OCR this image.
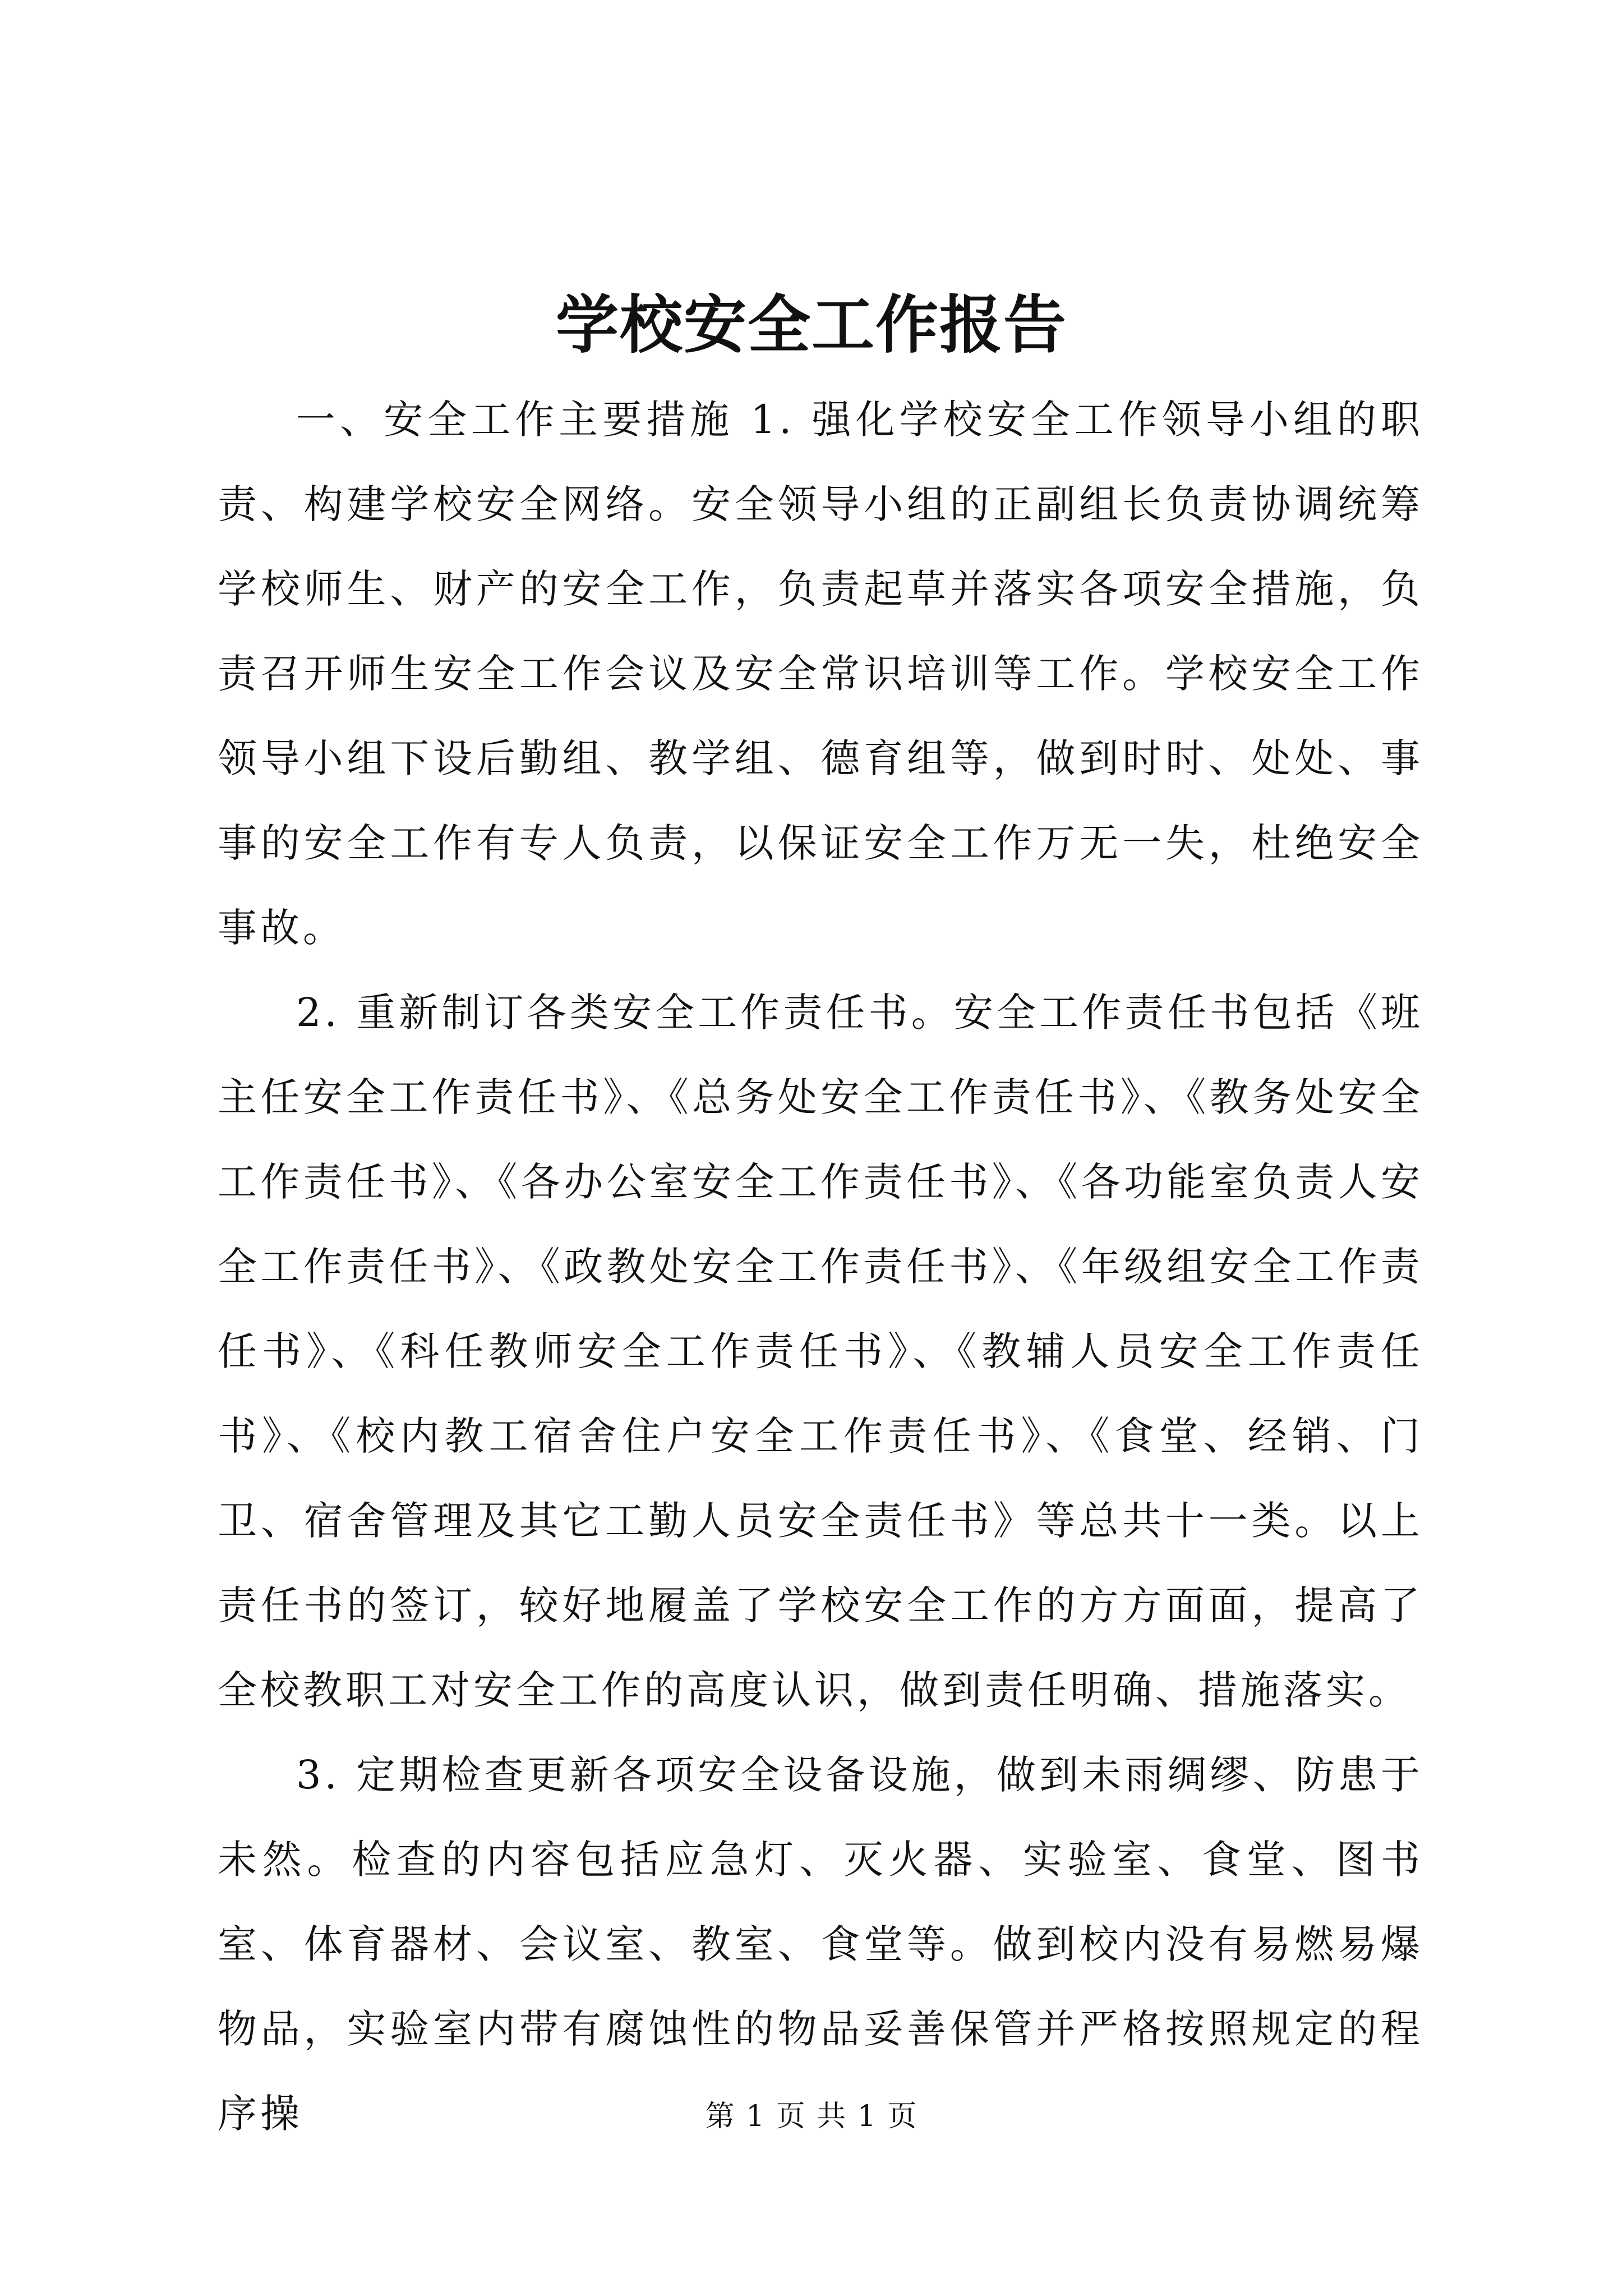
学校安全工作报告

一、安全工作主要措施 1. 强化学校安全工作领导小组的职责、构建学校安全网络。安全领导小组的正副组长负责协调统筹学校师生、财产的安全工作，负责起草并落实各项安全措施，负责召开师生安全工作会议及安全常识培训等工作。学校安全工作领导小组下设后勤组、教学组、德育组等，做到时时、处处、事事的安全工作有专人负责，以保证安全工作万无一失，杜绝安全事故。

2. 重新制订各类安全工作责任书。安全工作责任书包括《班主任安全工作责任书》、《总务处安全工作责任书》、《教务处安全工作责任书》、《各办公室安全工作责任书》、《各功能室负责人安全工作责任书》、《政教处安全工作责任书》、《年级组安全工作责任书》、《科任教师安全工作责任书》、《教辅人员安全工作责任书》、《校内教工宿舍住户安全工作责任书》、《食堂、经销、门卫、宿舍管理及其它工勤人员安全责任书》等总共十一类。以上责任书的签订，较好地履盖了学校安全工作的方方面面，提高了全校教职工对安全工作的高度认识，做到责任明确、措施落实。

3. 定期检查更新各项安全设备设施，做到未雨绸缪、防患于未然。检查的内容包括应急灯、灭火器、实验室、食堂、图书室、体育器材、会议室、教室、食堂等。做到校内没有易燃易爆物品，实验室内带有腐蚀性的物品妥善保管并严格按照规定的程序操	第 1 页 共 1 页
